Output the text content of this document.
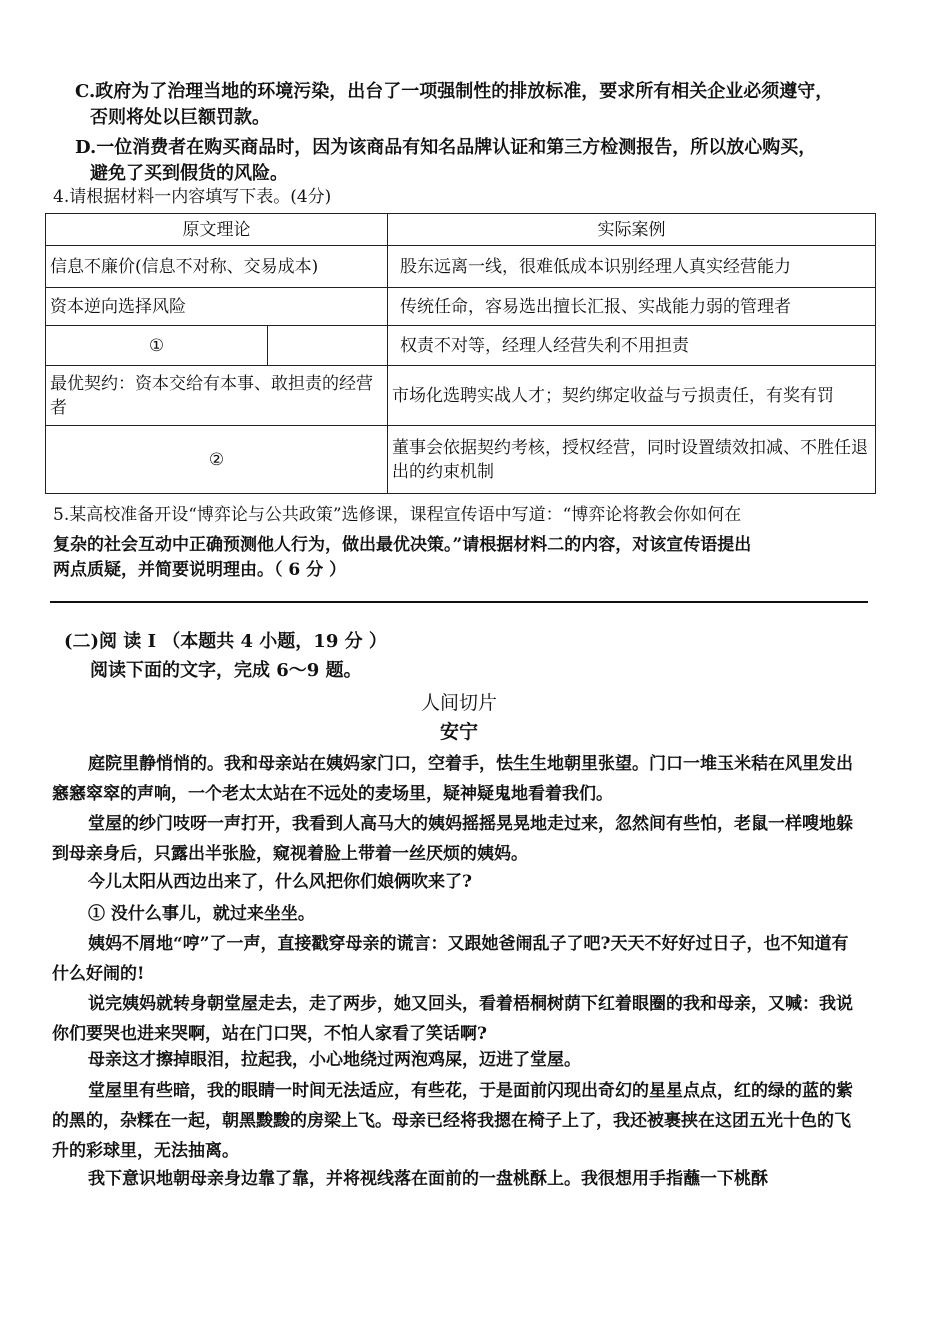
C.政府为了治理当地的环境污染，出台了一项强制性的排放标准，要求所有相关企业必须遵守，
否则将处以巨额罚款。
D.一位消费者在购买商品时，因为该商品有知名品牌认证和第三方检测报告，所以放心购买，
避免了买到假货的风险。
4.请根据材料一内容填写下表。(4分)
原文理论		实际案例
信息不廉价(信息不对称、交易成本)		股东远离一线，很难低成本识别经理人真实经营能力
资本逆向选择风险		传统任命，容易选出擅长汇报、实战能力弱的管理者
①		权责不对等，经理人经营失利不用担责
最优契约：资本交给有本事、敢担责的经营者		市场化选聘实战人才；契约绑定收益与亏损责任，有奖有罚
②		董事会依据契约考核，授权经营，同时设置绩效扣减、不胜任退出的约束机制
5.某高校准备开设“博弈论与公共政策”选修课，课程宣传语中写道：“博弈论将教会你如何在
复杂的社会互动中正确预测他人行为，做出最优决策。”请根据材料二的内容，对该宣传语提出
两点质疑，并简要说明理由。（ 6 分 ）
(二)阅 读 I （本题共 4 小题，19 分 ）
阅读下面的文字，完成 6～9 题。
人间切片
安宁
庭院里静悄悄的。我和母亲站在姨妈家门口，空着手，怯生生地朝里张望。门口一堆玉米秸在风里发出窸窸窣窣的声响，一个老太太站在不远处的麦场里，疑神疑鬼地看着我们。
堂屋的纱门吱呀一声打开，我看到人高马大的姨妈摇摇晃晃地走过来，忽然间有些怕，老鼠一样嗖地躲到母亲身后，只露出半张脸，窥视着脸上带着一丝厌烦的姨妈。
今儿太阳从西边出来了，什么风把你们娘俩吹来了?
① 没什么事儿，就过来坐坐。
姨妈不屑地“哼”了一声，直接戳穿母亲的谎言：又跟她爸闹乱子了吧?天天不好好过日子，也不知道有什么好闹的!
说完姨妈就转身朝堂屋走去，走了两步，她又回头，看着梧桐树荫下红着眼圈的我和母亲，又喊：我说你们要哭也进来哭啊，站在门口哭，不怕人家看了笑话啊?
母亲这才擦掉眼泪，拉起我，小心地绕过两泡鸡屎，迈进了堂屋。
堂屋里有些暗，我的眼睛一时间无法适应，有些花，于是面前闪现出奇幻的星星点点，红的绿的蓝的紫的黑的，杂糅在一起，朝黑黢黢的房梁上飞。母亲已经将我摁在椅子上了，我还被裹挟在这团五光十色的飞升的彩球里，无法抽离。
我下意识地朝母亲身边靠了靠，并将视线落在面前的一盘桃酥上。我很想用手指蘸一下桃酥
